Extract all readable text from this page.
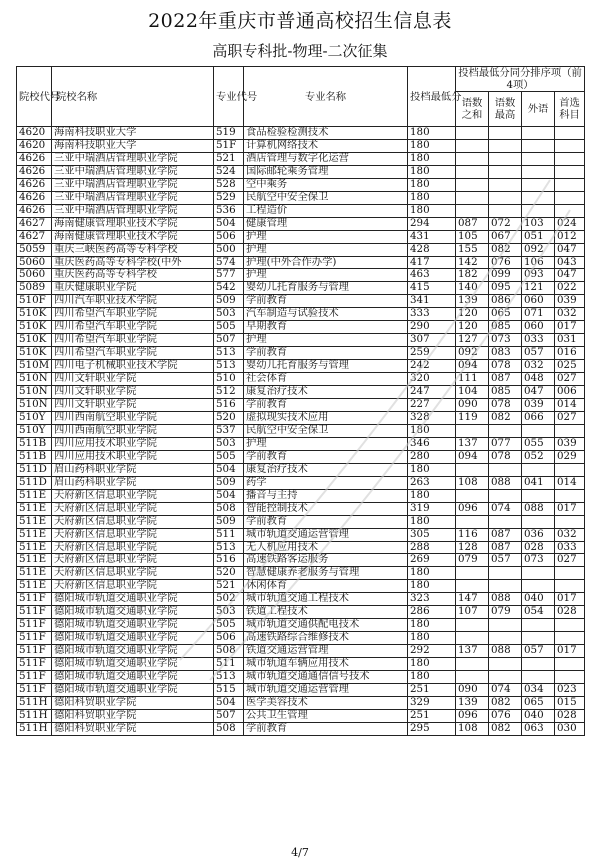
2022年重庆市普通高校招生信息表
高职专科批-物理-二次征集
院校代号	院校名称	专业代号	专业名称	投档最低分	投档最低分同分排序项（前4项）			
					语数之和	语数最高	外语	首选科目
4620	海南科技职业大学	519	食品检验检测技术	180				
4620	海南科技职业大学	51F	计算机网络技术	180				
4626	三亚中瑞酒店管理职业学院	521	酒店管理与数字化运营	180				
4626	三亚中瑞酒店管理职业学院	524	国际邮轮乘务管理	180				
4626	三亚中瑞酒店管理职业学院	528	空中乘务	180				
4626	三亚中瑞酒店管理职业学院	529	民航空中安全保卫	180				
4626	三亚中瑞酒店管理职业学院	536	工程造价	180				
4627	海南健康管理职业技术学院	504	健康管理	294	087	072	103	024
4627	海南健康管理职业技术学院	506	护理	431	105	067	051	012
5059	重庆三峡医药高等专科学校	500	护理	428	155	082	092	047
5060	重庆医药高等专科学校(中外	574	护理(中外合作办学)	417	142	076	106	043
5060	重庆医药高等专科学校	577	护理	463	182	099	093	047
5089	重庆健康职业学院	542	婴幼儿托育服务与管理	415	140	095	121	022
510F	四川汽车职业技术学院	509	学前教育	341	139	086	060	039
510K	四川希望汽车职业学院	503	汽车制造与试验技术	333	120	065	071	032
510K	四川希望汽车职业学院	505	早期教育	290	120	085	060	017
510K	四川希望汽车职业学院	507	护理	307	127	073	033	031
510K	四川希望汽车职业学院	513	学前教育	259	092	083	057	016
510M	四川电子机械职业技术学院	513	婴幼儿托育服务与管理	242	094	078	032	025
510N	四川文轩职业学院	510	社会体育	320	111	087	048	027
510N	四川文轩职业学院	512	康复治疗技术	247	104	085	047	006
510N	四川文轩职业学院	516	学前教育	227	090	078	039	014
510Y	四川西南航空职业学院	520	虚拟现实技术应用	328	119	082	066	027
510Y	四川西南航空职业学院	537	民航空中安全保卫	180				
511B	四川应用技术职业学院	503	护理	346	137	077	055	039
511B	四川应用技术职业学院	505	学前教育	280	094	078	052	029
511D	眉山药科职业学院	504	康复治疗技术	180				
511D	眉山药科职业学院	509	药学	263	108	088	041	014
511E	天府新区信息职业学院	504	播音与主持	180				
511E	天府新区信息职业学院	508	智能控制技术	319	096	074	088	017
511E	天府新区信息职业学院	509	学前教育	180				
511E	天府新区信息职业学院	511	城市轨道交通运营管理	305	116	087	036	032
511E	天府新区信息职业学院	513	无人机应用技术	288	128	087	028	033
511E	天府新区信息职业学院	516	高速铁路客运服务	269	079	057	073	027
511E	天府新区信息职业学院	520	智慧健康养老服务与管理	180				
511E	天府新区信息职业学院	521	休闲体育	180				
511F	德阳城市轨道交通职业学院	502	城市轨道交通工程技术	323	147	088	040	017
511F	德阳城市轨道交通职业学院	503	铁道工程技术	286	107	079	054	028
511F	德阳城市轨道交通职业学院	505	城市轨道交通供配电技术	180				
511F	德阳城市轨道交通职业学院	506	高速铁路综合维修技术	180				
511F	德阳城市轨道交通职业学院	508	铁道交通运营管理	292	137	088	057	017
511F	德阳城市轨道交通职业学院	511	城市轨道车辆应用技术	180				
511F	德阳城市轨道交通职业学院	513	城市轨道交通通信信号技术	180				
511F	德阳城市轨道交通职业学院	515	城市轨道交通运营管理	251	090	074	034	023
511H	德阳科贸职业学院	504	医学美容技术	329	139	082	065	015
511H	德阳科贸职业学院	507	公共卫生管理	251	096	076	040	028
511H	德阳科贸职业学院	508	学前教育	295	108	082	063	030
4/7
